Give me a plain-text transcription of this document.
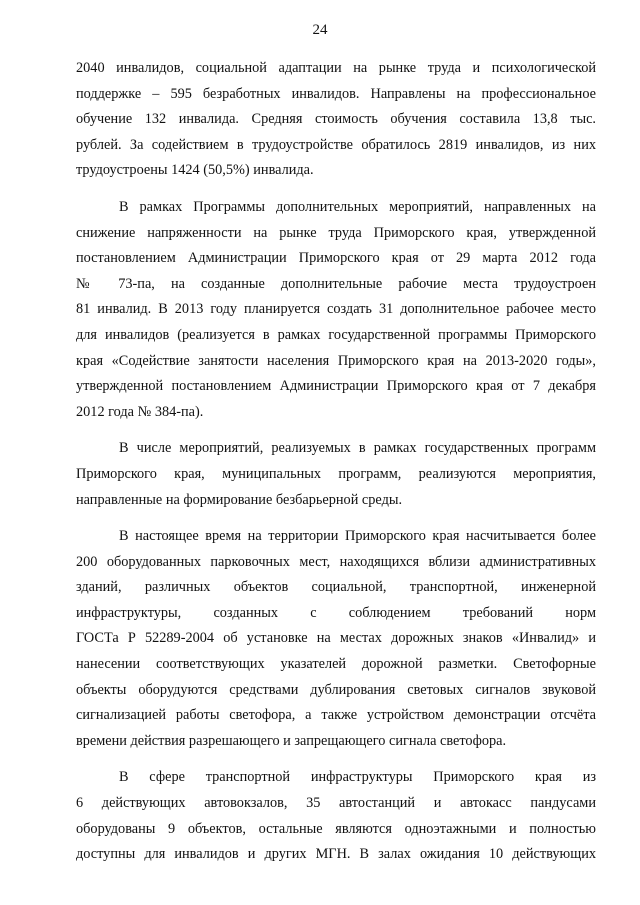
24

2040 инвалидов, социальной адаптации на рынке труда и психологической
поддержке – 595 безработных инвалидов. Направлены на профессиональное
обучение 132 инвалида. Средняя стоимость обучения составила 13,8 тыс.
рублей. За содействием в трудоустройстве обратилось 2819 инвалидов, из них
трудоустроены 1424 (50,5%) инвалида.

В рамках Программы дополнительных мероприятий, направленных на
снижение напряженности на рынке труда Приморского края, утвержденной
постановлением Администрации Приморского края от 29 марта 2012 года
№ 73-па, на созданные дополнительные рабочие места трудоустроен
81 инвалид. В 2013 году планируется создать 31 дополнительное рабочее место
для инвалидов (реализуется в рамках государственной программы Приморского
края «Содействие занятости населения Приморского края на 2013-2020 годы»,
утвержденной постановлением Администрации Приморского края от 7 декабря
2012 года № 384-па).

В числе мероприятий, реализуемых в рамках государственных программ
Приморского края, муниципальных программ, реализуются мероприятия,
направленные на формирование безбарьерной среды.

В настоящее время на территории Приморского края насчитывается более
200 оборудованных парковочных мест, находящихся вблизи административных
зданий, различных объектов социальной, транспортной, инженерной
инфраструктуры, созданных с соблюдением требований норм
ГОСТа Р 52289-2004 об установке на местах дорожных знаков «Инвалид» и
нанесении соответствующих указателей дорожной разметки. Светофорные
объекты оборудуются средствами дублирования световых сигналов звуковой
сигнализацией работы светофора, а также устройством демонстрации отсчёта
времени действия разрешающего и запрещающего сигнала светофора.

В сфере транспортной инфраструктуры Приморского края из
6 действующих автовокзалов, 35 автостанций и автокасс пандусами
оборудованы 9 объектов, остальные являются одноэтажными и полностью
доступны для инвалидов и других МГН. В залах ожидания 10 действующих
